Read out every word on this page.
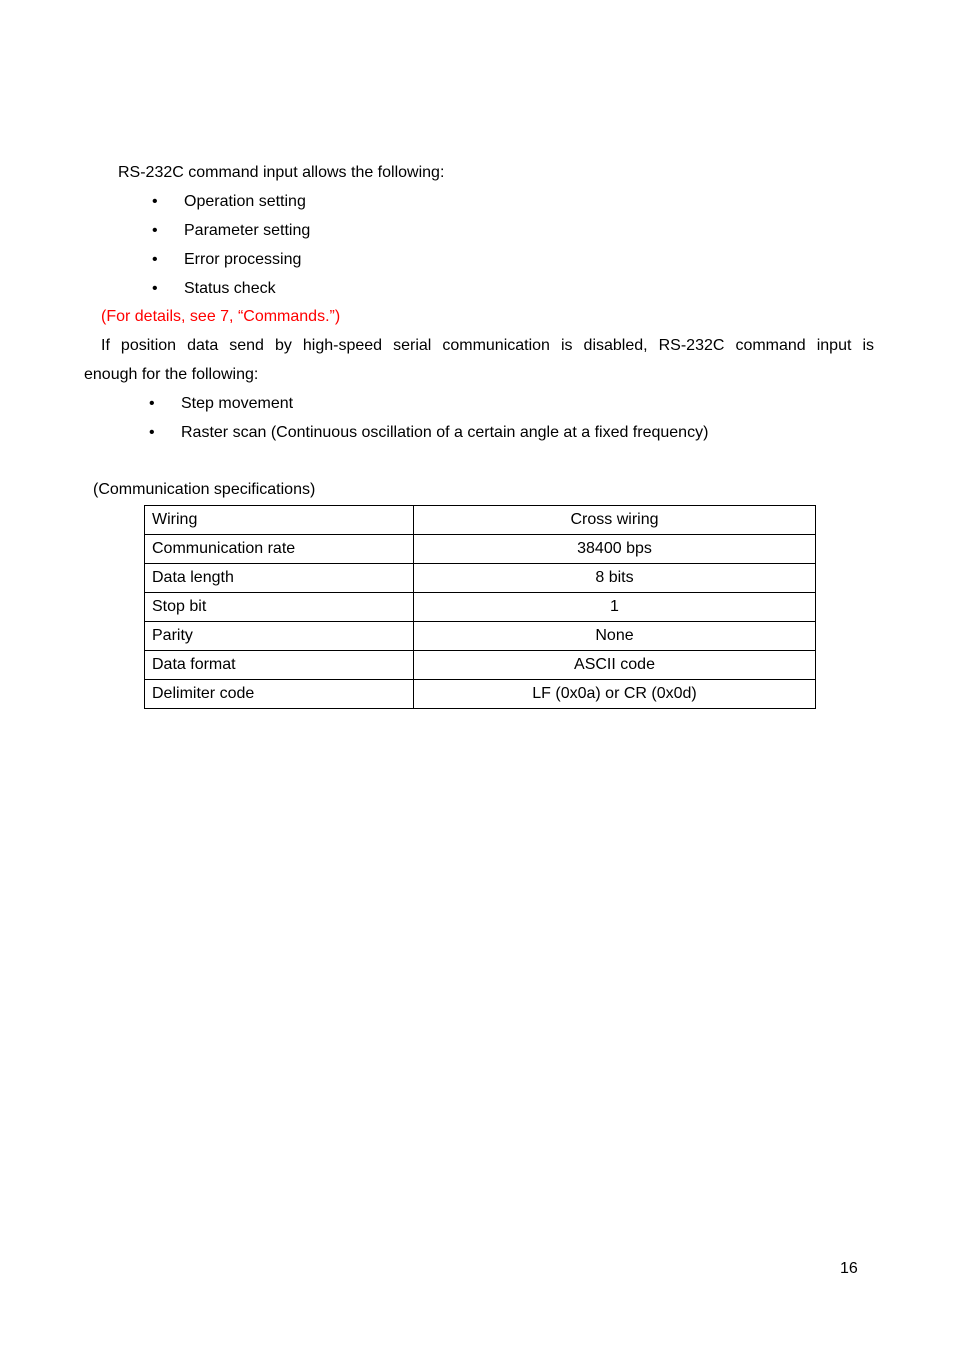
RS-232C command input allows the following:
• Operation setting
• Parameter setting
• Error processing
• Status check
(For details, see 7, “Commands.”)
If position data send by high-speed serial communication is disabled, RS-232C command input is
enough for the following:
• Step movement
• Raster scan (Continuous oscillation of a certain angle at a fixed frequency)
(Communication specifications)
Wiring	Cross wiring
Communication rate	38400 bps
Data length	8 bits
Stop bit	1
Parity	None
Data format	ASCII code
Delimiter code	LF (0x0a) or CR (0x0d)
16
